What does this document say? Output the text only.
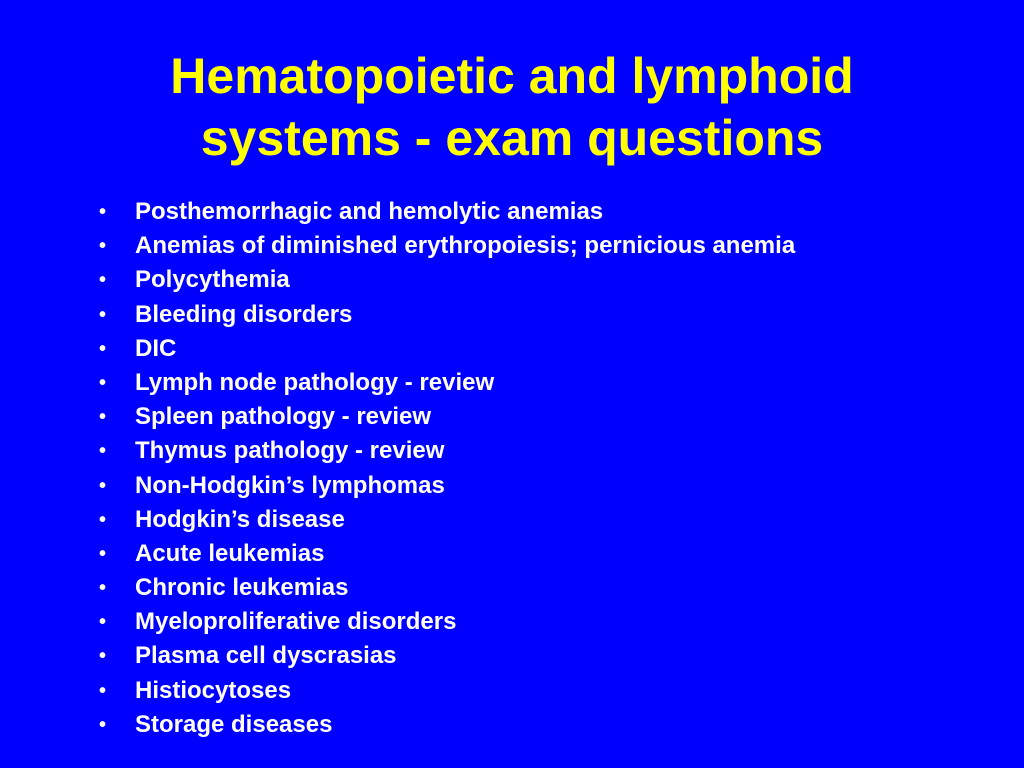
Hematopoietic and lymphoid
systems - exam questions
• Posthemorrhagic and hemolytic anemias
• Anemias of diminished erythropoiesis; pernicious anemia
• Polycythemia
• Bleeding disorders
• DIC
• Lymph node pathology - review
• Spleen pathology - review
• Thymus pathology - review
• Non-Hodgkin’s lymphomas
• Hodgkin’s disease
• Acute leukemias
• Chronic leukemias
• Myeloproliferative disorders
• Plasma cell dyscrasias
• Histiocytoses
• Storage diseases
